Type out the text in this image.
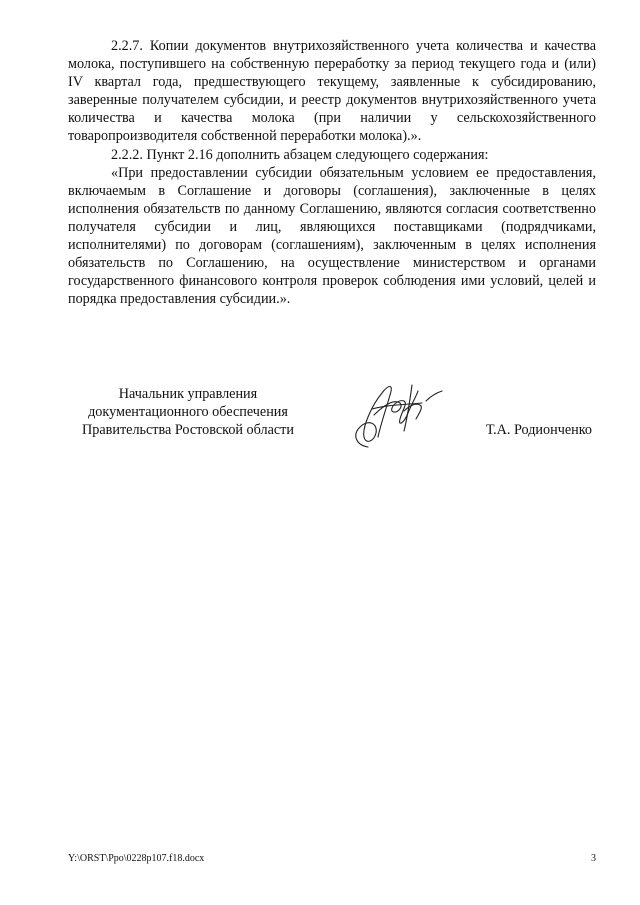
2.2.7. Копии документов внутрихозяйственного учета количества и качества молока, поступившего на собственную переработку за период текущего года и (или) IV квартал года, предшествующего текущему, заявленные к субсидированию, заверенные получателем субсидии, и реестр документов внутрихозяйственного учета количества и качества молока (при наличии у сельскохозяйственного товаропроизводителя собственной переработки молока).».

2.2.2. Пункт 2.16 дополнить абзацем следующего содержания:

«При предоставлении субсидии обязательным условием ее предоставления, включаемым в Соглашение и договоры (соглашения), заключенные в целях исполнения обязательств по данному Соглашению, являются согласия соответственно получателя субсидии и лиц, являющихся поставщиками (подрядчиками, исполнителями) по договорам (соглашениям), заключенным в целях исполнения обязательств по Соглашению, на осуществление министерством и органами государственного финансового контроля проверок соблюдения ими условий, целей и порядка предоставления субсидии.».

Начальник управления
документационного обеспечения
Правительства Ростовской области	Т.А. Родионченко
Y:\ORST\Ppo\0228p107.f18.docx	3
